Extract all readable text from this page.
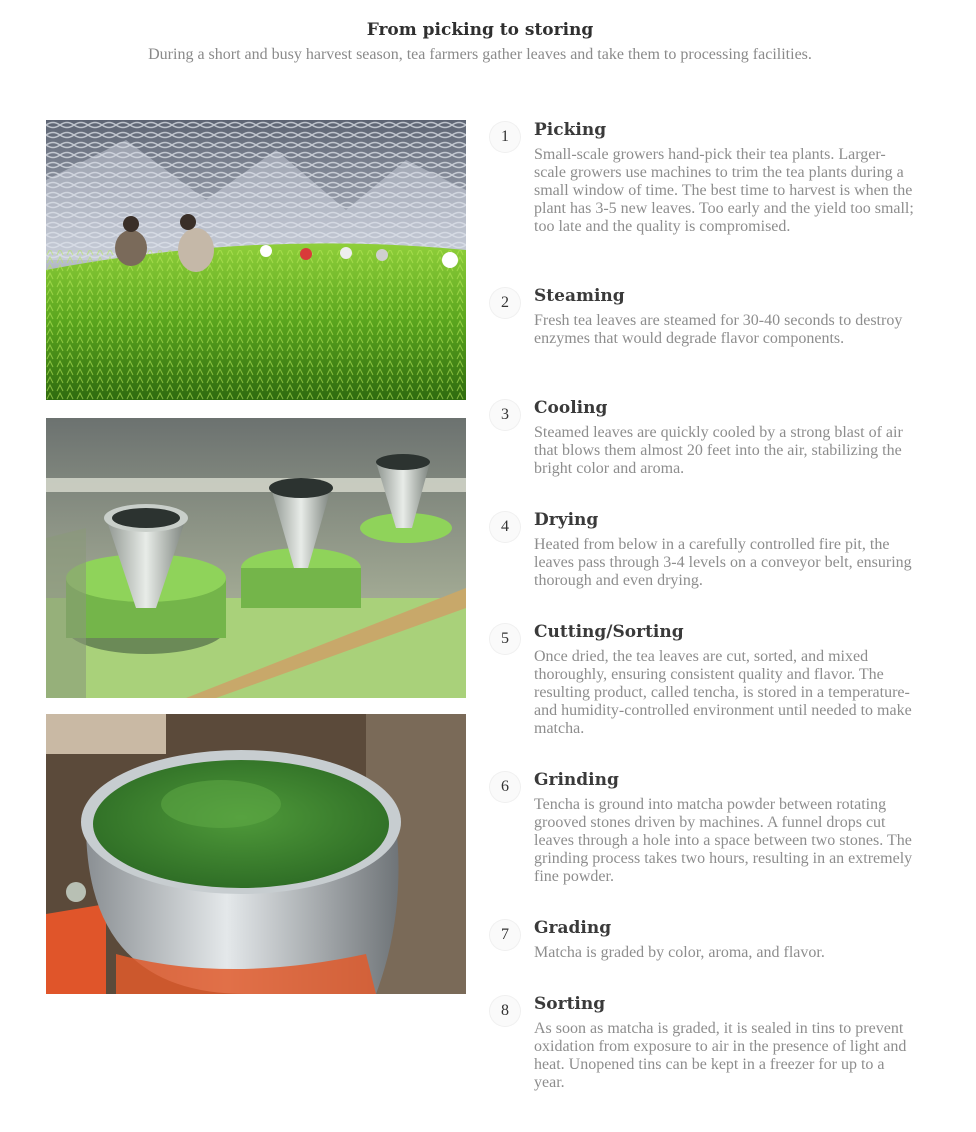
From picking to storing
During a short and busy harvest season, tea farmers gather leaves and take them to processing facilities.
1	Picking

Small-scale growers hand-pick their tea plants. Larger-scale growers use machines to trim the tea plants during a small window of time. The best time to harvest is when the plant has 3-5 new leaves. Too early and the yield too small; too late and the quality is compromised.

2	Steaming

Fresh tea leaves are steamed for 30-40 seconds to destroy enzymes that would degrade flavor components.

3	Cooling

Steamed leaves are quickly cooled by a strong blast of air that blows them almost 20 feet into the air, stabilizing the bright color and aroma.

4	Drying

Heated from below in a carefully controlled fire pit, the leaves pass through 3-4 levels on a conveyor belt, ensuring thorough and even drying.

5	Cutting/Sorting

Once dried, the tea leaves are cut, sorted, and mixed thoroughly, ensuring consistent quality and flavor. The resulting product, called tencha, is stored in a temperature- and humidity-controlled environment until needed to make matcha.

6	Grinding

Tencha is ground into matcha powder between rotating grooved stones driven by machines. A funnel drops cut leaves through a hole into a space between two stones. The grinding process takes two hours, resulting in an extremely fine powder.

7	Grading

Matcha is graded by color, aroma, and flavor.

8	Sorting

As soon as matcha is graded, it is sealed in tins to prevent oxidation from exposure to air in the presence of light and heat. Unopened tins can be kept in a freezer for up to a year.
